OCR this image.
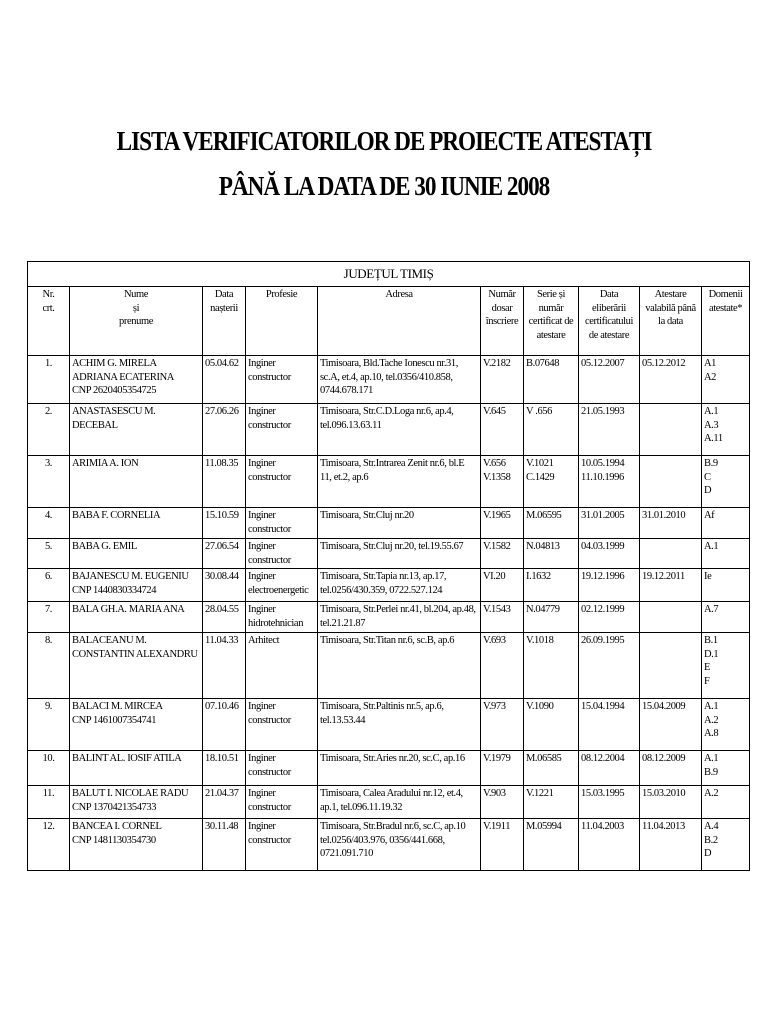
LISTA VERIFICATORILOR DE PROIECTE ATESTAȚI
PÂNĂ LA DATA DE 30 IUNIE 2008
JUDEȚUL TIMIȘ									
Nr.
crt.	Nume
și
prenume	Data
nașterii	Profesie	Adresa	Număr
dosar
înscriere	Serie și
număr
certificat de
atestare	Data
eliberării
certificatului
de atestare	Atestare
valabilă până
la data	Domenii
atestate*
1.	ACHIM G. MIRELA
ADRIANA ECATERINA
CNP 2620405354725	05.04.62	Inginer
constructor	Timisoara, Bld.Tache Ionescu nr.31,
sc.A, et.4, ap.10, tel.0356/410.858,
0744.678.171	V.2182	B.07648	05.12.2007	05.12.2012	A1
A2
2.	ANASTASESCU M.
DECEBAL	27.06.26	Inginer
constructor	Timisoara, Str.C.D.Loga nr.6, ap.4,
tel.096.13.63.11	V.645	V .656	21.05.1993		A.1
A.3
A.11
3.	ARIMIA A. ION	11.08.35	Inginer
constructor	Timisoara, Str.Intrarea Zenit nr.6, bl.E
11, et.2, ap.6	V.656
V.1358	V.1021
C.1429	10.05.1994
11.10.1996		B.9
C
D
4.	BABA F. CORNELIA	15.10.59	Inginer
constructor	Timisoara, Str.Cluj nr.20	V.1965	M.06595	31.01.2005	31.01.2010	Af
5.	BABA G. EMIL	27.06.54	Inginer
constructor	Timisoara, Str.Cluj nr.20, tel.19.55.67	V.1582	N.04813	04.03.1999		A.1
6.	BAJANESCU M. EUGENIU
CNP 1440830334724	30.08.44	Inginer
electroenergetic	Timisoara, Str.Tapia nr.13, ap.17,
tel.0256/430.359, 0722.527.124	VI.20	I.1632	19.12.1996	19.12.2011	Ie
7.	BALA GH.A. MARIA ANA	28.04.55	Inginer
hidrotehnician	Timisoara, Str.Perlei nr.41, bl.204, ap.48,
tel.21.21.87	V.1543	N.04779	02.12.1999		A.7
8.	BALACEANU M.
CONSTANTIN ALEXANDRU	11.04.33	Arhitect	Timisoara, Str.Titan nr.6, sc.B, ap.6	V.693	V.1018	26.09.1995		B.1
D.1
E
F
9.	BALACI M. MIRCEA
CNP 1461007354741	07.10.46	Inginer
constructor	Timisoara, Str.Paltinis nr.5, ap.6,
tel.13.53.44	V.973	V.1090	15.04.1994	15.04.2009	A.1
A.2
A.8
10.	BALINT AL. IOSIF ATILA	18.10.51	Inginer
constructor	Timisoara, Str.Aries nr.20, sc.C, ap.16	V.1979	M.06585	08.12.2004	08.12.2009	A.1
B.9
11.	BALUT I. NICOLAE RADU
CNP 1370421354733	21.04.37	Inginer
constructor	Timisoara, Calea Aradului nr.12, et.4,
ap.1, tel.096.11.19.32	V.903	V.1221	15.03.1995	15.03.2010	A.2
12.	BANCEA I. CORNEL
CNP 1481130354730	30.11.48	Inginer
constructor	Timisoara, Str.Bradul nr.6, sc.C, ap.10
tel.0256/403.976, 0356/441.668,
0721.091.710	V.1911	M.05994	11.04.2003	11.04.2013	A.4
B.2
D
